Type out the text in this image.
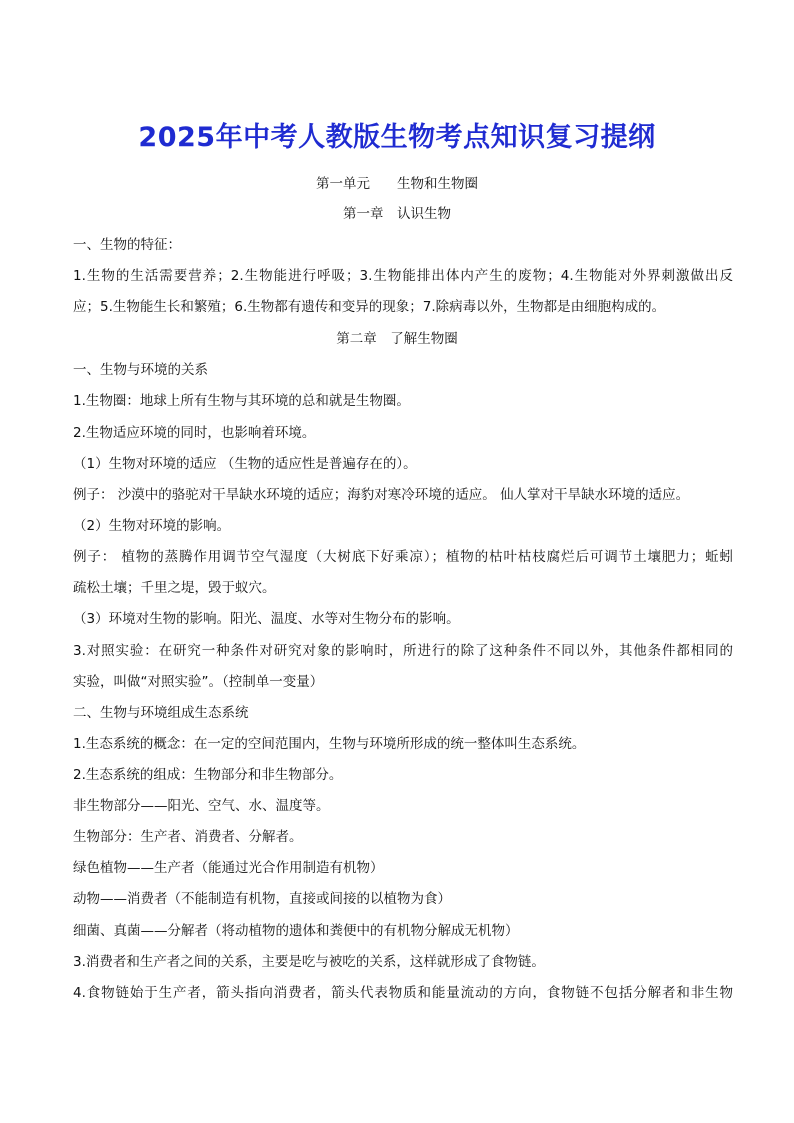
2025年中考人教版生物考点知识复习提纲
第一单元　　生物和生物圈
第一章　认识生物
一、生物的特征：
1.生物的生活需要营养；2.生物能进行呼吸；3.生物能排出体内产生的废物；4.生物能对外界刺激做出反
应；5.生物能生长和繁殖；6.生物都有遗传和变异的现象；7.除病毒以外，生物都是由细胞构成的。
第二章　了解生物圈
一、生物与环境的关系
1.生物圈：地球上所有生物与其环境的总和就是生物圈。
2.生物适应环境的同时，也影响着环境。
（1）生物对环境的适应 （生物的适应性是普遍存在的）。
例子： 沙漠中的骆驼对干旱缺水环境的适应；海豹对寒冷环境的适应。 仙人掌对干旱缺水环境的适应。
（2）生物对环境的影响。
例子： 植物的蒸腾作用调节空气湿度（大树底下好乘凉）；植物的枯叶枯枝腐烂后可调节土壤肥力；蚯蚓
疏松土壤；千里之堤，毁于蚁穴。
（3）环境对生物的影响。阳光、温度、水等对生物分布的影响。
3.对照实验：在研究一种条件对研究对象的影响时，所进行的除了这种条件不同以外，其他条件都相同的
实验，叫做“对照实验”。（控制单一变量）
二、生物与环境组成生态系统
1.生态系统的概念：在一定的空间范围内，生物与环境所形成的统一整体叫生态系统。
2.生态系统的组成：生物部分和非生物部分。
非生物部分——阳光、空气、水、温度等。
生物部分：生产者、消费者、分解者。
绿色植物——生产者（能通过光合作用制造有机物）
动物——消费者（不能制造有机物，直接或间接的以植物为食）
细菌、真菌——分解者（将动植物的遗体和粪便中的有机物分解成无机物）
3.消费者和生产者之间的关系，主要是吃与被吃的关系，这样就形成了食物链。
4.食物链始于生产者，箭头指向消费者，箭头代表物质和能量流动的方向，食物链不包括分解者和非生物
